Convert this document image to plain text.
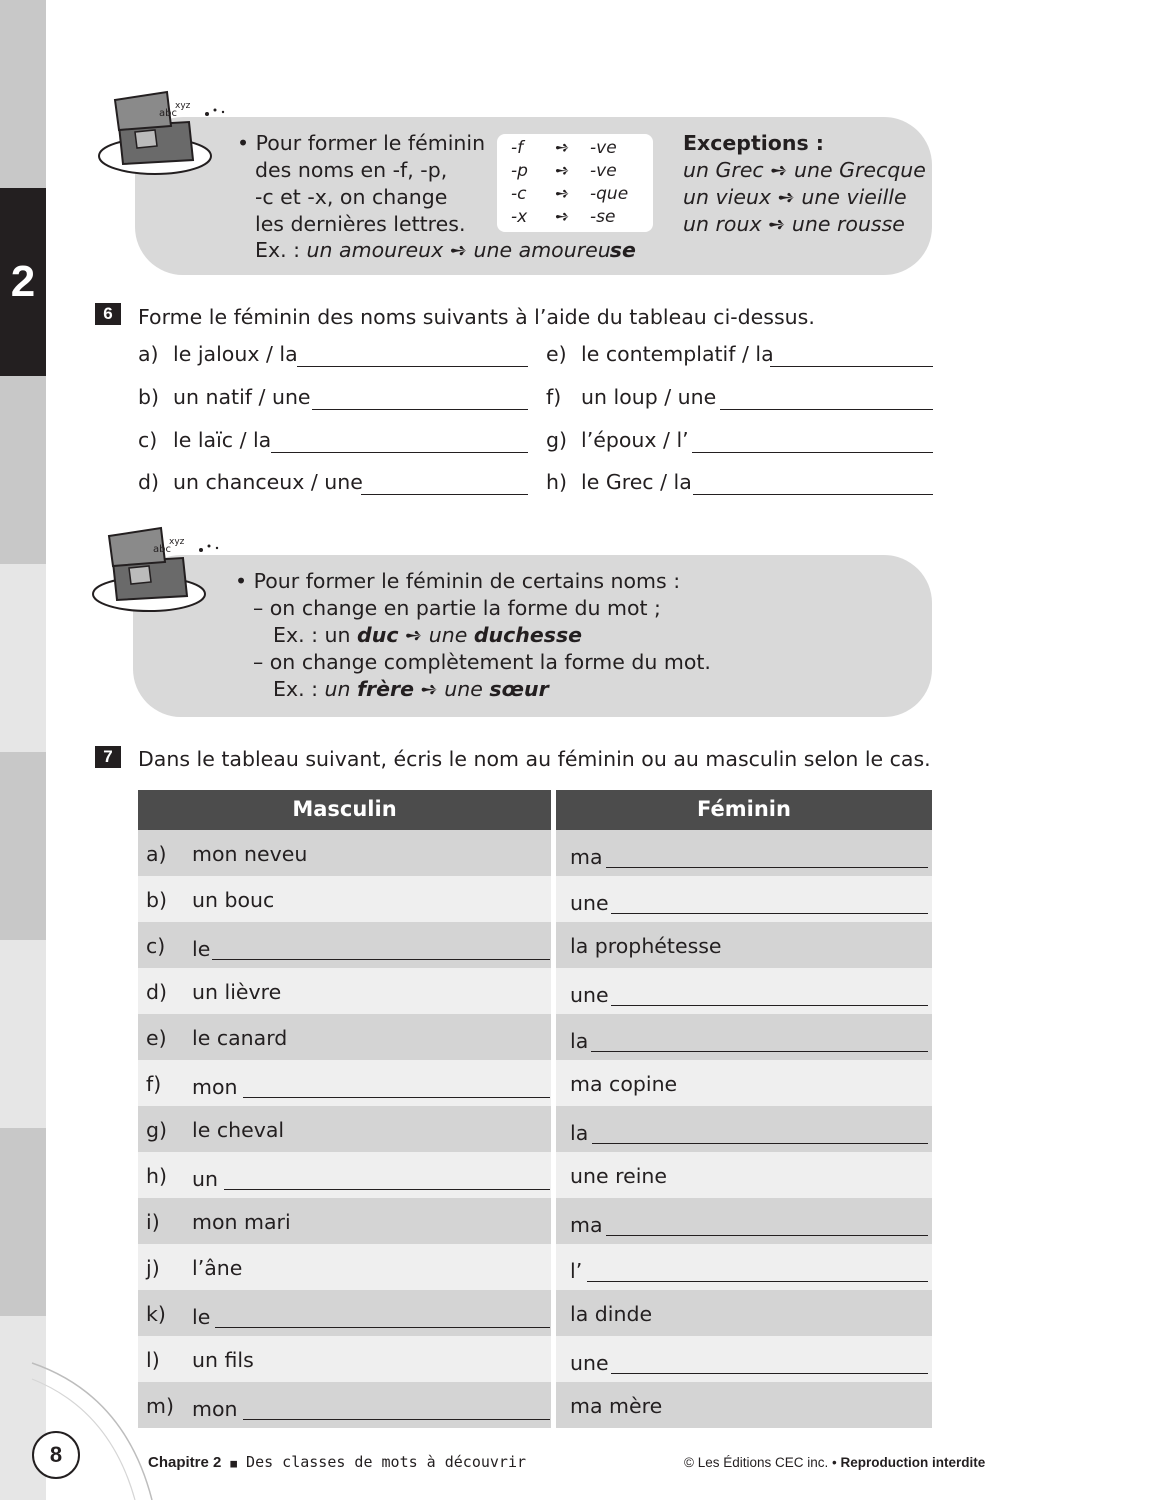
2
abc
xyz
• Pour former le féminin
des noms en -f, -p,
-c et -x, on change
les dernières lettres.
Ex. : un amoureux ➺ une amoureuse
-f ➺ -ve
-p ➺ -ve
-c ➺ -que
-x ➺ -se
Exceptions :
un Grec ➺ une Grecque
un vieux ➺ une vieille
un roux ➺ une rousse
6	Forme le féminin des noms suivants à l’aide du tableau ci-dessus.
a) le jaloux / la
b) un natif / une
c) le laïc / la
d) un chanceux / une
e) le contemplatif / la
f) un loup / une
g) l’époux / l’
h) le Grec / la
abc
xyz
• Pour former le féminin de certains noms :
– on change en partie la forme du mot ;
Ex. : un duc ➺ une duchesse
– on change complètement la forme du mot.
Ex. : un frère ➺ une sœur
7	Dans le tableau suivant, écris le nom au féminin ou au masculin selon le cas.
Masculin	Féminin
a) mon neveu	ma
b) un bouc	une
c) le	la prophétesse
d) un lièvre	une
e) le canard	la
f) mon	ma copine
g) le cheval	la
h) un	une reine
i) mon mari	ma
j) l’âne	l’
k) le	la dinde
l) un fils	une
m) mon	ma mère
8	Chapitre 2 ■ Des classes de mots à découvrir	© Les Éditions CEC inc. • Reproduction interdite
